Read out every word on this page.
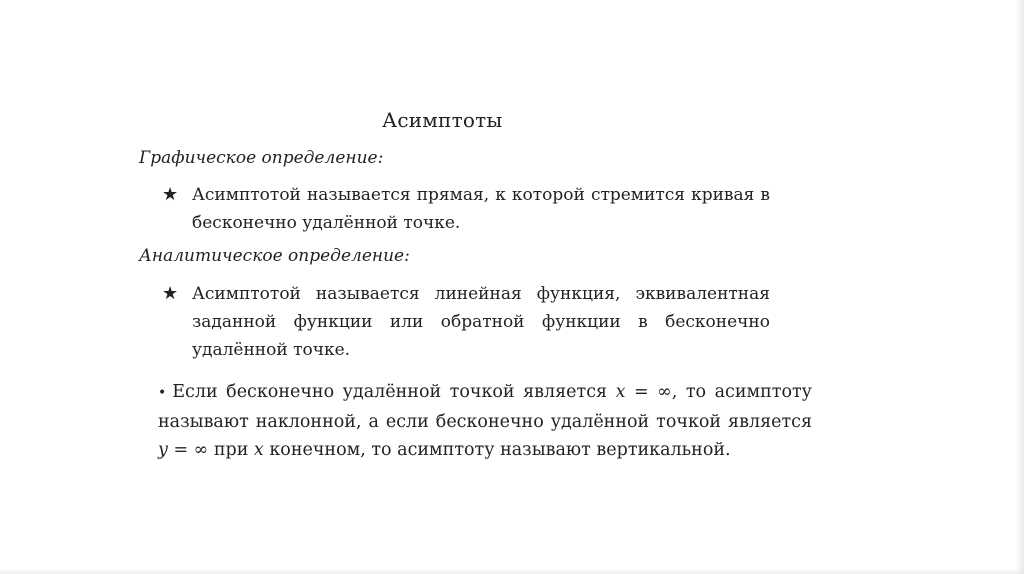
Асимптоты
Графическое определение:
★ Асимптотой называется прямая, к которой стремится кривая в бесконечно удалённой точке.
Аналитическое определение:
★ Асимптотой называется линейная функция, эквивалентная заданной функции или обратной функции в бесконечно удалённой точке.
• Если бесконечно удалённой точкой является x = ∞, то асимптоту называют наклонной, а если бесконечно удалённой точкой является y = ∞ при x конечном, то асимптоту называют вертикальной.
